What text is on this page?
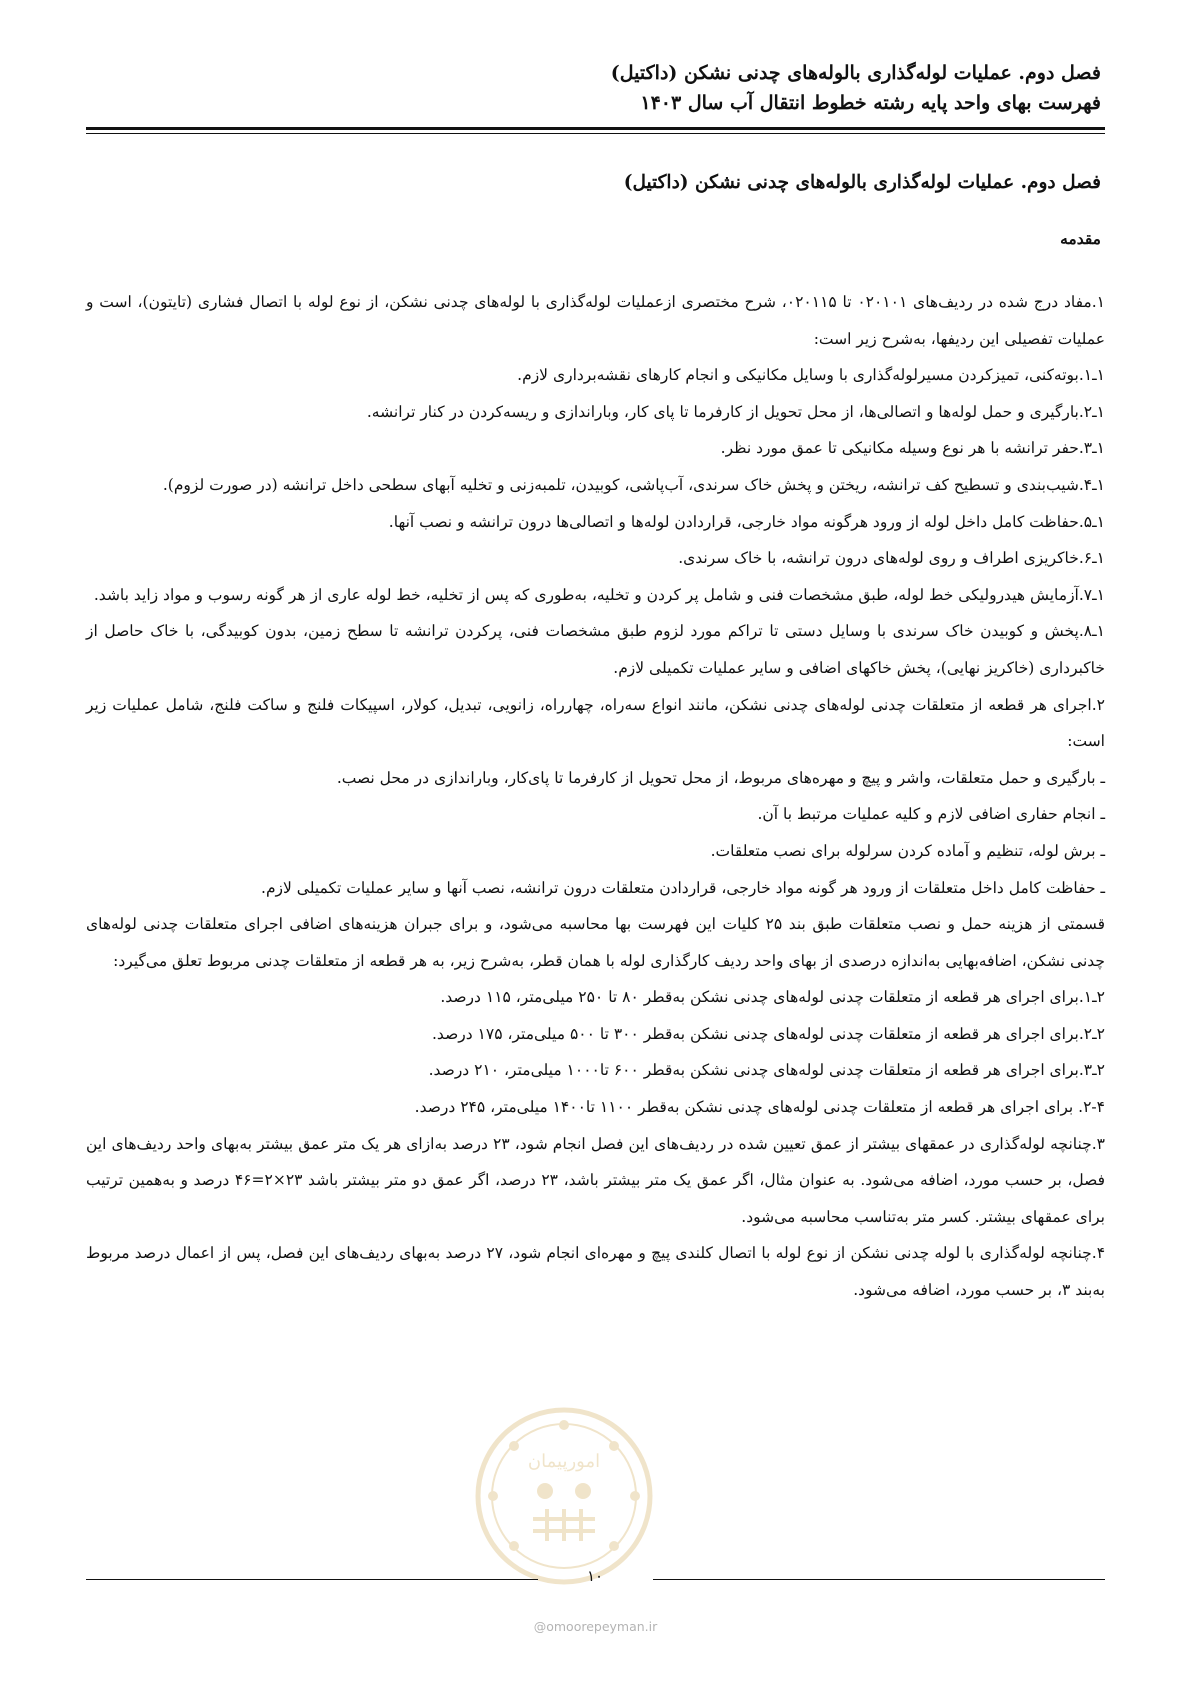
فصل دوم. عملیات لوله‌گذاری بالوله‌های چدنی نشکن (داکتیل)
فهرست بهای واحد پایه رشته خطوط انتقال آب سال ۱۴۰۳
فصل دوم. عملیات لوله‌گذاری بالوله‌های چدنی نشکن (داکتیل)
مقدمه

۱.مفاد درج شده در ردیف‌های ۰۲۰۱۰۱ تا ۰۲۰۱۱۵، شرح مختصری ازعملیات لوله‌گذاری با لوله‌های چدنی نشکن، از نوع لوله با اتصال فشاری (تایتون)، است و عملیات تفصیلی این ردیفها، به‌شرح زیر است:

۱ـ۱.بوته‌کنی، تمیزکردن مسیرلوله‌گذاری با وسایل مکانیکی و انجام کارهای نقشه‌برداری لازم.

۱ـ۲.بارگیری و حمل لوله‌ها و اتصالی‌ها، از محل تحویل از کارفرما تا پای کار، وباراندازی و ریسه‌کردن در کنار ترانشه.

۱ـ۳.حفر ترانشه با هر نوع وسیله مکانیکی تا عمق مورد نظر.

۱ـ۴.شیب‌بندی و تسطیح کف ترانشه، ریختن و پخش خاک سرندی، آب‌پاشی، کوبیدن، تلمبه‌زنی و تخلیه آبهای سطحی داخل ترانشه (در صورت لزوم).

۱ـ۵.حفاظت کامل داخل لوله از ورود هرگونه مواد خارجی، قراردادن لوله‌ها و اتصالی‌ها درون ترانشه و نصب آنها.

۱ـ۶.خاکریزی اطراف و روی لوله‌های درون ترانشه، با خاک سرندی.

۱ـ۷.آزمایش هیدرولیکی خط لوله، طبق مشخصات فنی و شامل پر کردن و تخلیه، به‌طوری که پس از تخلیه، خط لوله عاری از هر گونه رسوب و مواد زاید باشد.

۱ـ۸.پخش و کوبیدن خاک سرندی با وسایل دستی تا تراکم مورد لزوم طبق مشخصات فنی، پرکردن ترانشه تا سطح زمین، بدون کوبیدگی، با خاک حاصل از خاکبرداری (خاکریز نهایی)، پخش خاکهای اضافی و سایر عملیات تکمیلی لازم.

۲.اجرای هر قطعه از متعلقات چدنی لوله‌های چدنی نشکن، مانند انواع سه‌راه، چهارراه، زانویی، تبدیل، کولار، اسپیکات فلنج و ساکت فلنج، شامل عملیات زیر است:

ـ بارگیری و حمل متعلقات، واشر و پیچ و مهره‌های مربوط، از محل تحویل از کارفرما تا پای‌کار، وباراندازی در محل نصب.

ـ انجام حفاری اضافی لازم و کلیه عملیات مرتبط با آن.

ـ برش لوله، تنظیم و آماده کردن سرلوله برای نصب متعلقات.

ـ حفاظت کامل داخل متعلقات از ورود هر گونه مواد خارجی، قراردادن متعلقات درون ترانشه، نصب آنها و سایر عملیات تکمیلی لازم.

قسمتی از هزینه حمل و نصب متعلقات طبق بند ۲۵ کلیات این فهرست بها محاسبه می‌شود، و برای جبران هزینه‌های اضافی اجرای متعلقات چدنی لوله‌های چدنی نشکن، اضافه‌بهایی به‌اندازه درصدی از بهای واحد ردیف کارگذاری لوله با همان قطر، به‌شرح زیر، به هر قطعه از متعلقات چدنی مربوط تعلق می‌گیرد:

۲ـ۱.برای اجرای هر قطعه از متعلقات چدنی لوله‌های چدنی نشکن به‌قطر ۸۰ تا ۲۵۰ میلی‌متر، ۱۱۵ درصد.

۲ـ۲.برای اجرای هر قطعه از متعلقات چدنی لوله‌های چدنی نشکن به‌قطر ۳۰۰ تا ۵۰۰ میلی‌متر، ۱۷۵ درصد.

۲ـ۳.برای اجرای هر قطعه از متعلقات چدنی لوله‌های چدنی نشکن به‌قطر ۶۰۰ تا۱۰۰۰ میلی‌متر، ۲۱۰ درصد.

۲-۴. برای اجرای هر قطعه از متعلقات چدنی لوله‌های چدنی نشکن به‌قطر ۱۱۰۰ تا۱۴۰۰ میلی‌متر، ۲۴۵ درصد.

۳.چنانچه لوله‌گذاری در عمقهای بیشتر از عمق تعیین شده در ردیف‌های این فصل انجام شود، ۲۳ درصد به‌ازای هر یک متر عمق بیشتر به‌بهای واحد ردیف‌های این فصل، بر حسب مورد، اضافه می‌شود. به عنوان مثال، اگر عمق یک متر بیشتر باشد، ۲۳ درصد، اگر عمق دو متر بیشتر باشد ۲۳×۲=۴۶ درصد و به‌همین ترتیب برای عمقهای بیشتر. کسر متر به‌تناسب محاسبه می‌شود.

۴.چنانچه لوله‌گذاری با لوله چدنی نشکن از نوع لوله با اتصال کلندی پیچ و مهره‌ای انجام شود، ۲۷ درصد به‌بهای ردیف‌های این فصل، پس از اعمال درصد مربوط به‌بند ۳، بر حسب مورد، اضافه می‌شود.

امورپیمان
۱۰
@omoorepeyman.ir
